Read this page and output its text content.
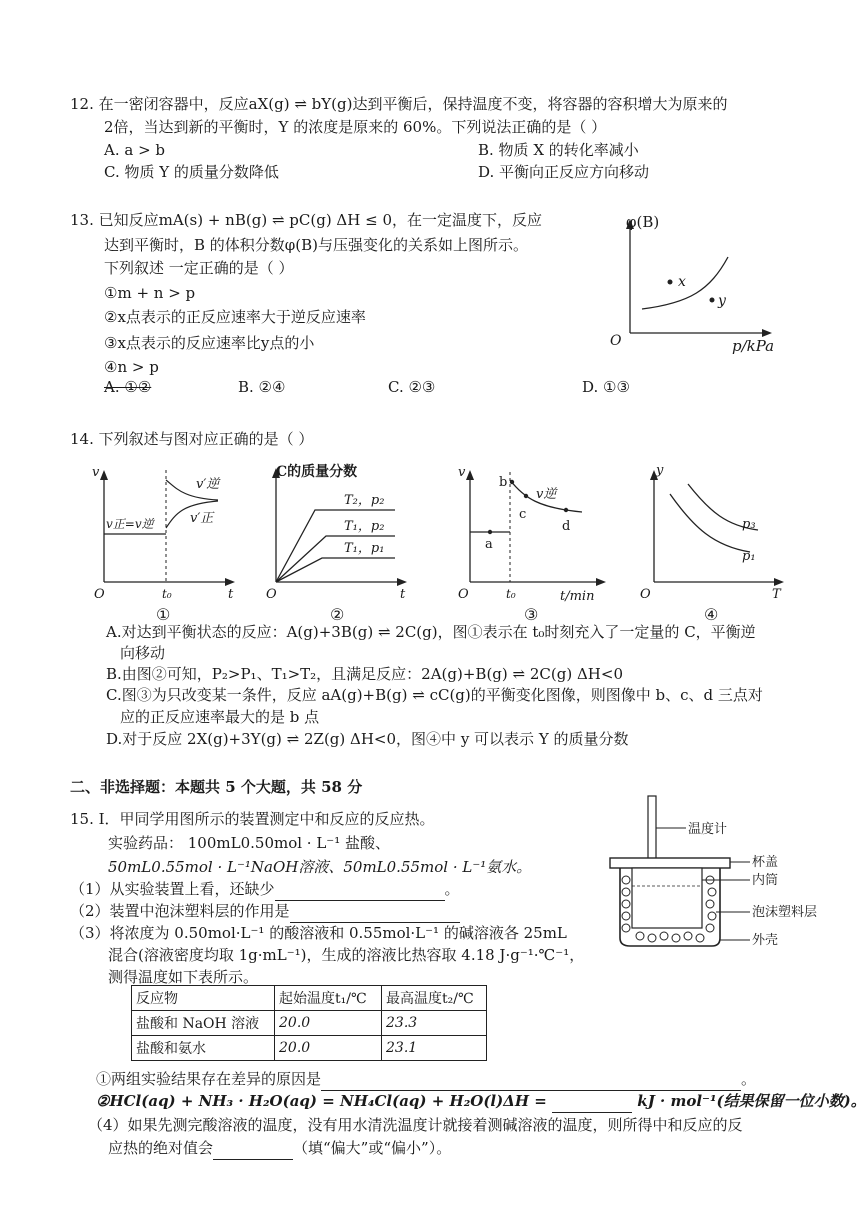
12. 在一密闭容器中，反应aX(g) ⇌ bY(g)达到平衡后，保持温度不变，将容器的容积增大为原来的
2倍，当达到新的平衡时，Y 的浓度是原来的 60%。下列说法正确的是（ ）
A. a > b	B. 物质 X 的转化率减小
C. 物质 Y 的质量分数降低	D. 平衡向正反应方向移动
13. 已知反应mA(s) + nB(g) ⇌ pC(g) ΔH ≤ 0，在一定温度下，反应
达到平衡时，B 的体积分数φ(B)与压强变化的关系如上图所示。
下列叙述 一定正确的是（ ）
①m + n > p
②x点表示的正反应速率大于逆反应速率
③x点表示的反应速率比y点的小
④n > p
A. ①②	B. ②④	C. ②③	D. ①③
φ(B)
x
y
O	p/kPa
14. 下列叙述与图对应正确的是（ ）
v
v′逆
v′正
v正=v逆
O	t₀	t
①
C的质量分数
T₂，p₂
T₁，p₂
T₁，p₁
O	t
②
v
a
b
c
d
v逆
O	t₀	t/min
③
y
p₃
p₁
O	T
④
A.对达到平衡状态的反应：A(g)+3B(g) ⇌ 2C(g)，图①表示在 t₀时刻充入了一定量的 C，平衡逆
向移动
B.由图②可知，P₂>P₁、T₁>T₂，且满足反应：2A(g)+B(g) ⇌ 2C(g) ΔH<0
C.图③为只改变某一条件，反应 aA(g)+B(g) ⇌ cC(g)的平衡变化图像，则图像中 b、c、d 三点对
应的正反应速率最大的是 b 点
D.对于反应 2X(g)+3Y(g) ⇌ 2Z(g) ΔH<0，图④中 y 可以表示 Y 的质量分数
二、非选择题：本题共 5 个大题，共 58 分
15. Ⅰ．甲同学用图所示的装置测定中和反应的反应热。
实验药品： 100mL0.50mol · L⁻¹ 盐酸、
50mL0.55mol · L⁻¹NaOH溶液、50mL0.55mol · L⁻¹氨水。
（1）从实验装置上看，还缺少	。
（2）装置中泡沫塑料层的作用是
（3）将浓度为 0.50mol·L⁻¹ 的酸溶液和 0.55mol·L⁻¹ 的碱溶液各 25mL
混合(溶液密度均取 1g·mL⁻¹)，生成的溶液比热容取 4.18 J·g⁻¹·℃⁻¹，
测得温度如下表所示。
温度计
杯盖
内筒
泡沫塑料层
外壳
反应物	起始温度t₁/℃	最高温度t₂/℃
盐酸和 NaOH 溶液	20.0	23.3
盐酸和氨水	20.0	23.1
①两组实验结果存在差异的原因是	。
②HCl(aq) + NH₃ · H₂O(aq) = NH₄Cl(aq) + H₂O(l)ΔH =	kJ · mol⁻¹(结果保留一位小数)。
（4）如果先测完酸溶液的温度，没有用水清洗温度计就接着测碱溶液的温度，则所得中和反应的反
应热的绝对值会	（填“偏大”或“偏小”）。
